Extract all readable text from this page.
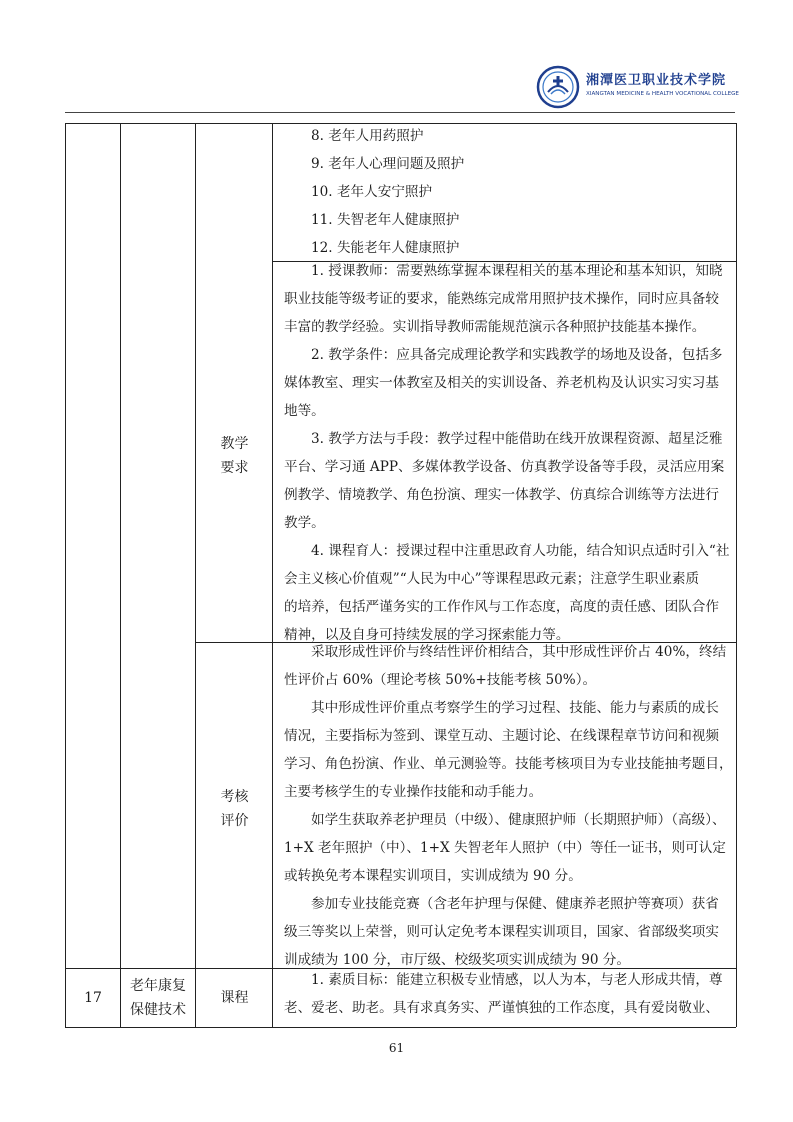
湘潭医卫职业技术学院
XIANGTAN MEDICINE & HEALTH VOCATIONAL COLLEGE
8. 老年人用药照护
9. 老年人心理问题及照护
10. 老年人安宁照护
11. 失智老年人健康照护
12. 失能老年人健康照护
教学
要求
1. 授课教师：需要熟练掌握本课程相关的基本理论和基本知识，知晓
职业技能等级考证的要求，能熟练完成常用照护技术操作，同时应具备较
丰富的教学经验。实训指导教师需能规范演示各种照护技能基本操作。
2. 教学条件：应具备完成理论教学和实践教学的场地及设备，包括多
媒体教室、理实一体教室及相关的实训设备、养老机构及认识实习实习基
地等。
3. 教学方法与手段：教学过程中能借助在线开放课程资源、超星泛雅
平台、学习通 APP、多媒体教学设备、仿真教学设备等手段，灵活应用案
例教学、情境教学、角色扮演、理实一体教学、仿真综合训练等方法进行
教学。
4. 课程育人：授课过程中注重思政育人功能，结合知识点适时引入“社
会主义核心价值观”“人民为中心”等课程思政元素；注意学生职业素质
的培养，包括严谨务实的工作作风与工作态度，高度的责任感、团队合作
精神，以及自身可持续发展的学习探索能力等。
考核
评价
采取形成性评价与终结性评价相结合，其中形成性评价占 40%，终结
性评价占 60%（理论考核 50%+技能考核 50%）。
其中形成性评价重点考察学生的学习过程、技能、能力与素质的成长
情况，主要指标为签到、课堂互动、主题讨论、在线课程章节访问和视频
学习、角色扮演、作业、单元测验等。技能考核项目为专业技能抽考题目，
主要考核学生的专业操作技能和动手能力。
如学生获取养老护理员（中级）、健康照护师（长期照护师）（高级）、
1+X 老年照护（中）、1+X 失智老年人照护（中）等任一证书，则可认定
或转换免考本课程实训项目，实训成绩为 90 分。
参加专业技能竞赛（含老年护理与保健、健康养老照护等赛项）获省
级三等奖以上荣誉，则可认定免考本课程实训项目，国家、省部级奖项实
训成绩为 100 分，市厅级、校级奖项实训成绩为 90 分。
17
老年康复
保健技术
课程
1. 素质目标：能建立积极专业情感，以人为本，与老人形成共情，尊
老、爱老、助老。具有求真务实、严谨慎独的工作态度，具有爱岗敬业、
61
